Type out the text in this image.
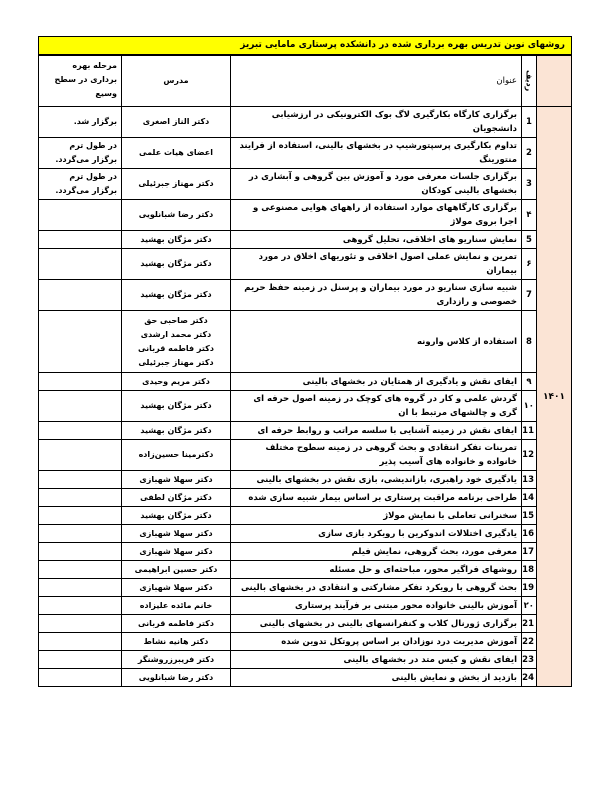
روشهای نوین تدریس بهره برداری شده در دانشکده پرستاری مامایی تبریز
	ردیف	عنوان	مدرس	مرحله بهره برداری در سطح وسیع
۱۴۰۱	1	برگزاری کارگاه بکارگیری لاگ بوک الکترونیکی در ارزشیابی دانشجویان	دکتر الناز اصغری	برگزار شد.
	2	تداوم بکارگیری پرسپتورشیپ در بخشهای بالینی، استفاده از فرایند منتورینگ	اعضای هیات علمی	در طول ترم برگزار می‌گردد.
	3	برگزاری جلسات معرفی مورد و آموزش بین گروهی و آبشاری در بخشهای بالینی کودکان	دکتر مهناز جبرئیلی	در طول ترم برگزار می‌گردد.
	۴	برگزاری کارگاههای موارد استفاده از راههای هوایی مصنوعی و اجرا بروی مولاژ	دکتر رضا شبانلویی	

	5	نمایش سناریو های اخلاقی، تحلیل گروهی	دکتر مژگان بهشید	

	۶	تمرین و نمایش عملی اصول اخلاقی و تئوریهای اخلاق در مورد بیماران	دکتر مژگان بهشید	

	7	شبیه سازی سناریو در مورد بیماران و پرسنل در زمینه حفظ حریم خصوصی و رازداری	دکتر مژگان بهشید	

	8	استفاده از کلاس وارونه	دکتر صاحبی حق
دکتر محمد ارشدی
دکتر فاطمه قربانی
دکتر مهناز جبرئیلی	

	۹	ایفای نقش و یادگیری از همتایان در بخشهای بالینی	دکتر مریم وحیدی	

	۱۰	گردش علمی و کار در گروه های کوچک در زمینه اصول حرفه ای گری و چالشهای مرتبط با ان	دکتر مژگان بهشید	

	11	ایفای نقش در زمینه آشنایی با سلسه مراتب و روابط حرفه ای	دکتر مژگان بهشید	

	12	تمرینات تفکر انتقادی و بحث گروهی در زمینه سطوح مختلف خانواده و خانواده های آسیب پذیر	دکترمینا حسین‌زاده	

	13	یادگیری خود راهبری، بازاندیشی، بازی نقش در بخشهای بالینی	دکتر سهلا شهبازی	

	14	طراحی برنامه مراقبت پرستاری بر اساس بیمار شبیه سازی شده	دکتر مژگان لطفی	

	15	سخنرانی تعاملی با نمایش مولاژ	دکتر مژگان بهشید	

	16	یادگیری اختلالات اندوکرین با رویکرد بازی سازی	دکتر سهلا شهبازی	

	17	معرفی مورد، بحث گروهی، نمایش فیلم	دکتر سهلا شهبازی	

	18	روشهای فراگیر محور، مباحثه‌ای و حل مسئله	دکتر حسین ابراهیمی	

	19	بحث گروهی با رویکرد تفکر مشارکتی و انتقادی در بخشهای بالینی	دکتر سهلا شهبازی	

	۲۰	آموزش بالینی خانواده محور مبتنی بر فرآیند پرستاری	خانم مائده علیزاده	

	21	برگزاری ژورنال کلاب و کنفرانسهای بالینی در بخشهای بالینی	دکتر فاطمه قربانی	

	22	آموزش مدیریت درد نوزادان بر اساس پروتکل تدوین شده	دکتر هانیه نشاط	

	23	ایفای نقش و کیس متد در بخشهای بالینی	دکتر فریبرزروشنگر	

	24	بازدید از بخش و نمایش بالینی	دکتر رضا شبانلویی	
